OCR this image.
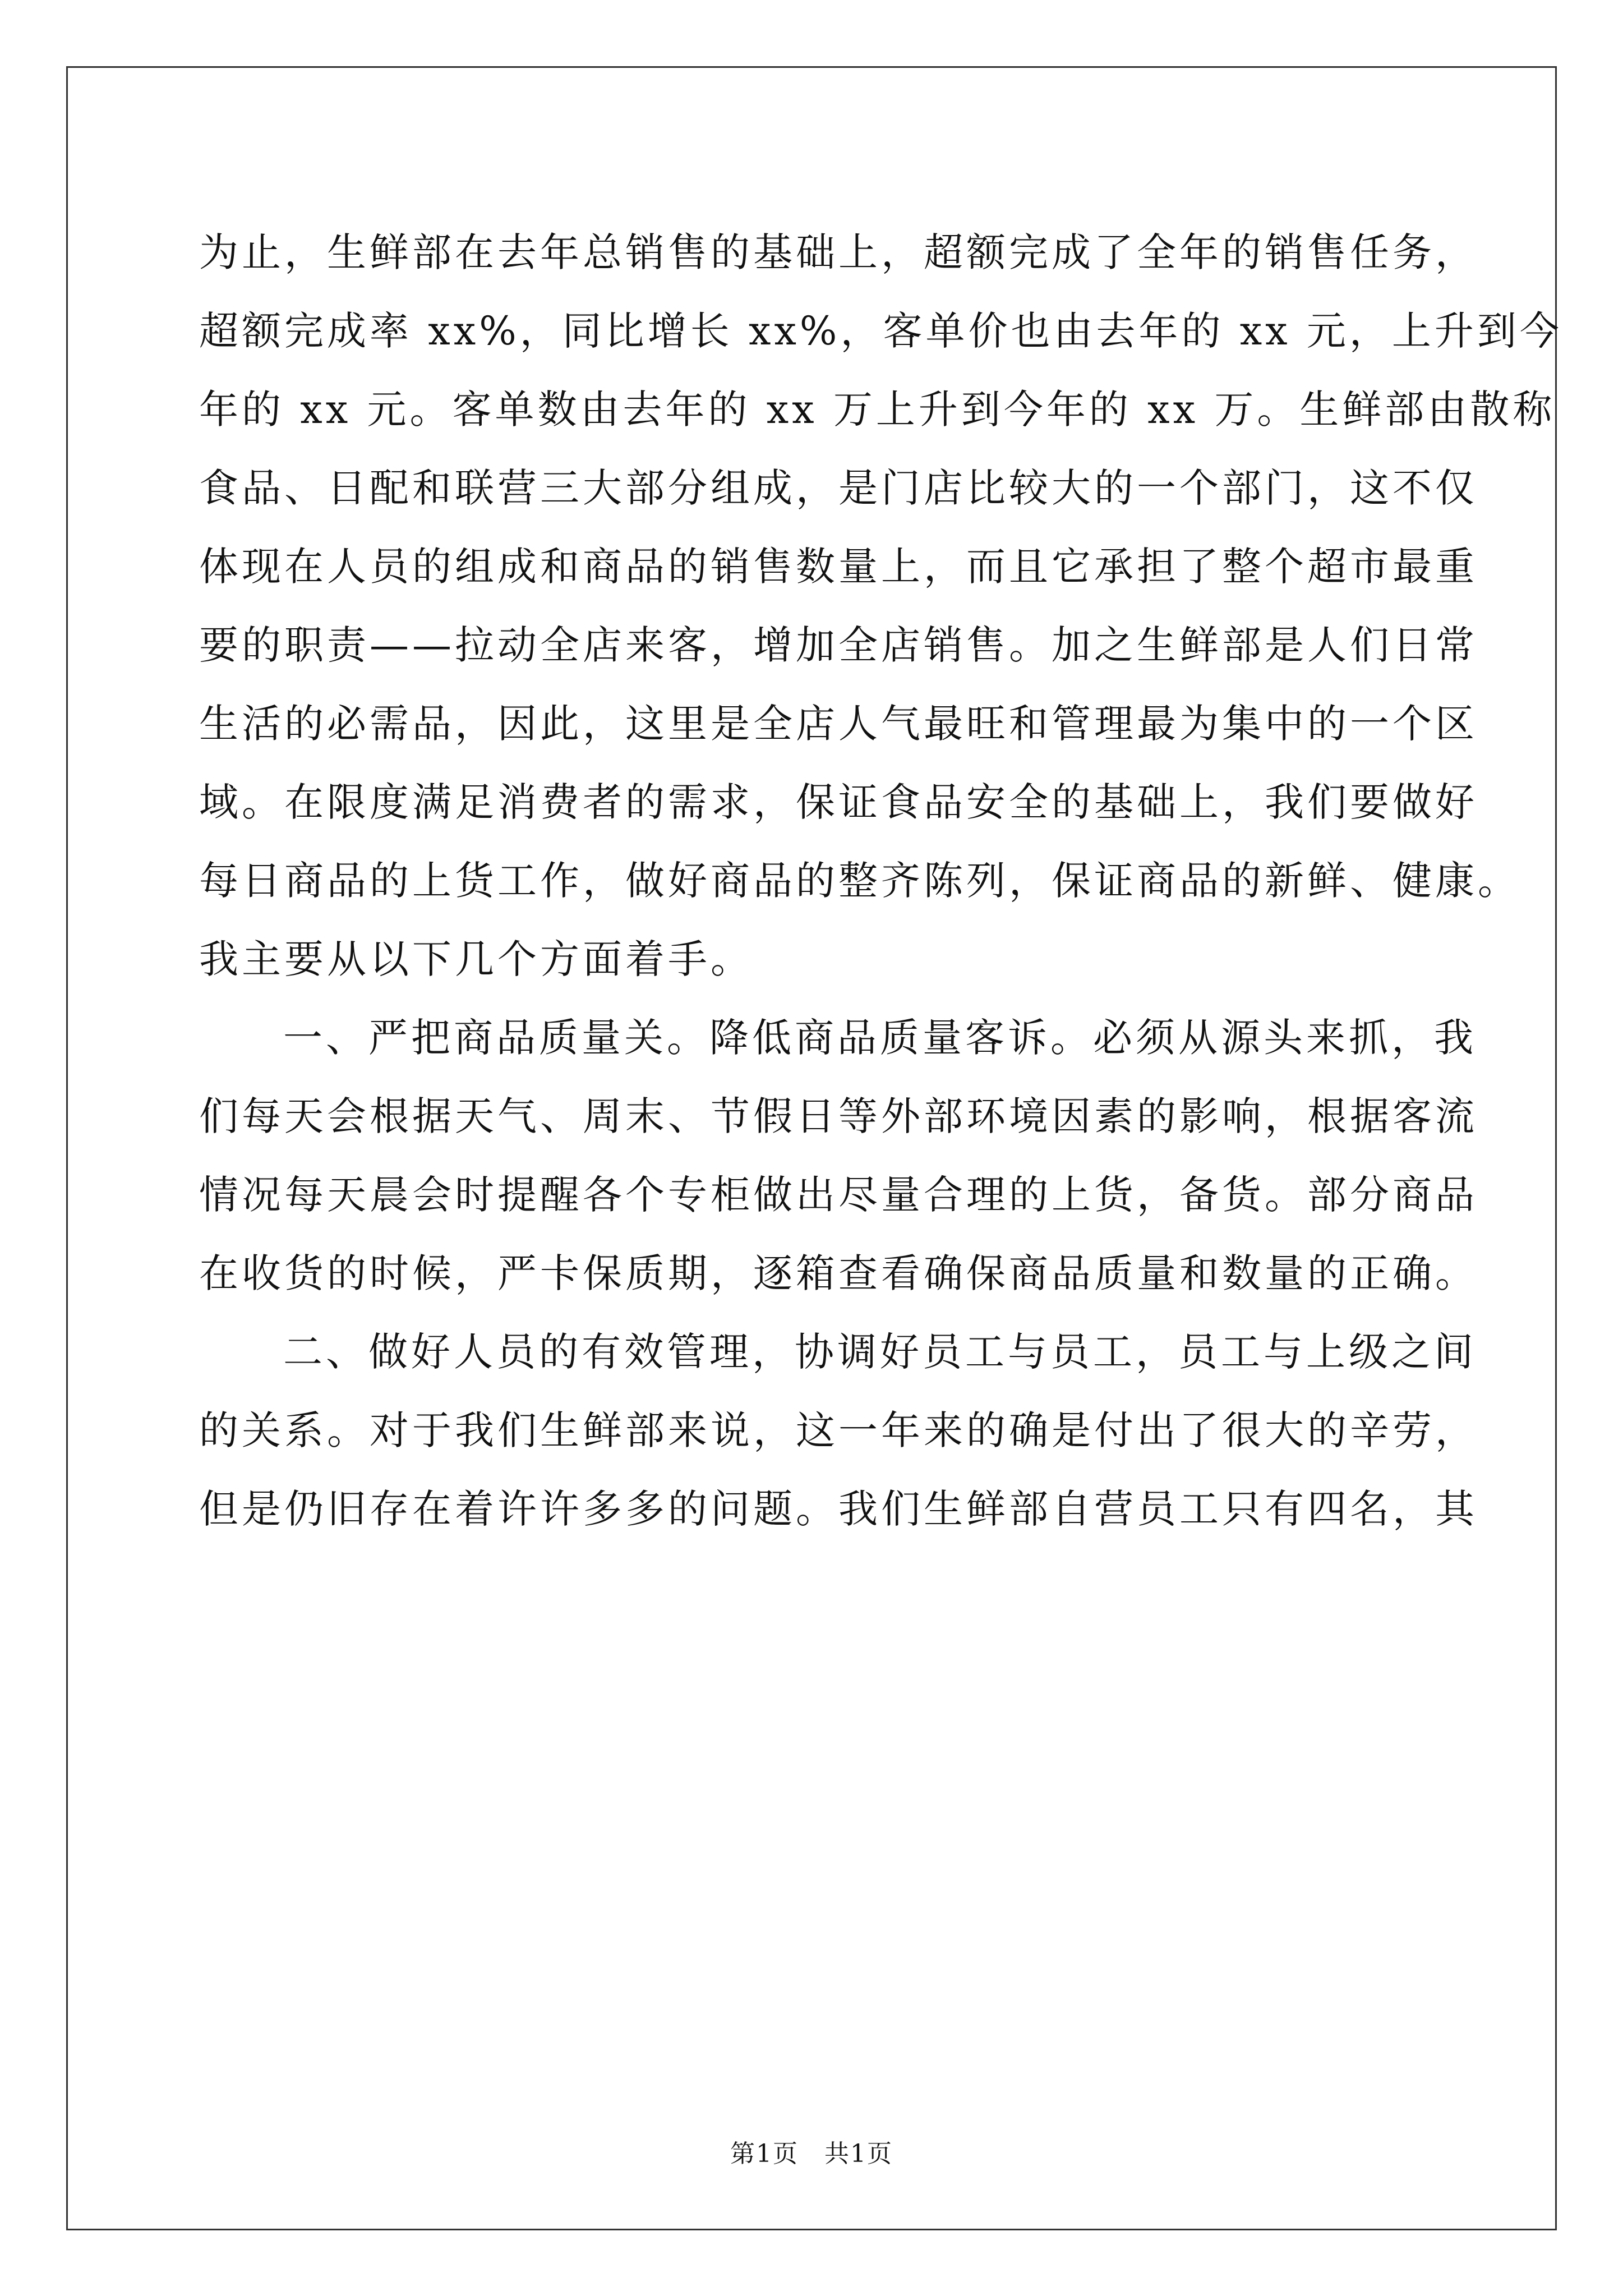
为止，生鲜部在去年总销售的基础上，超额完成了全年的销售任务，
超额完成率 xx%，同比增长 xx%，客单价也由去年的 xx 元，上升到今
年的 xx 元。客单数由去年的 xx 万上升到今年的 xx 万。生鲜部由散称
食品、日配和联营三大部分组成，是门店比较大的一个部门，这不仅
体现在人员的组成和商品的销售数量上，而且它承担了整个超市最重
要的职责——拉动全店来客，增加全店销售。加之生鲜部是人们日常
生活的必需品，因此，这里是全店人气最旺和管理最为集中的一个区
域。在限度满足消费者的需求，保证食品安全的基础上，我们要做好
每日商品的上货工作，做好商品的整齐陈列，保证商品的新鲜、健康。
我主要从以下几个方面着手。
一、严把商品质量关。降低商品质量客诉。必须从源头来抓，我
们每天会根据天气、周末、节假日等外部环境因素的影响，根据客流
情况每天晨会时提醒各个专柜做出尽量合理的上货，备货。部分商品
在收货的时候，严卡保质期，逐箱查看确保商品质量和数量的正确。
二、做好人员的有效管理，协调好员工与员工，员工与上级之间
的关系。对于我们生鲜部来说，这一年来的确是付出了很大的辛劳，
但是仍旧存在着许许多多的问题。我们生鲜部自营员工只有四名，其
第1页　共1页
